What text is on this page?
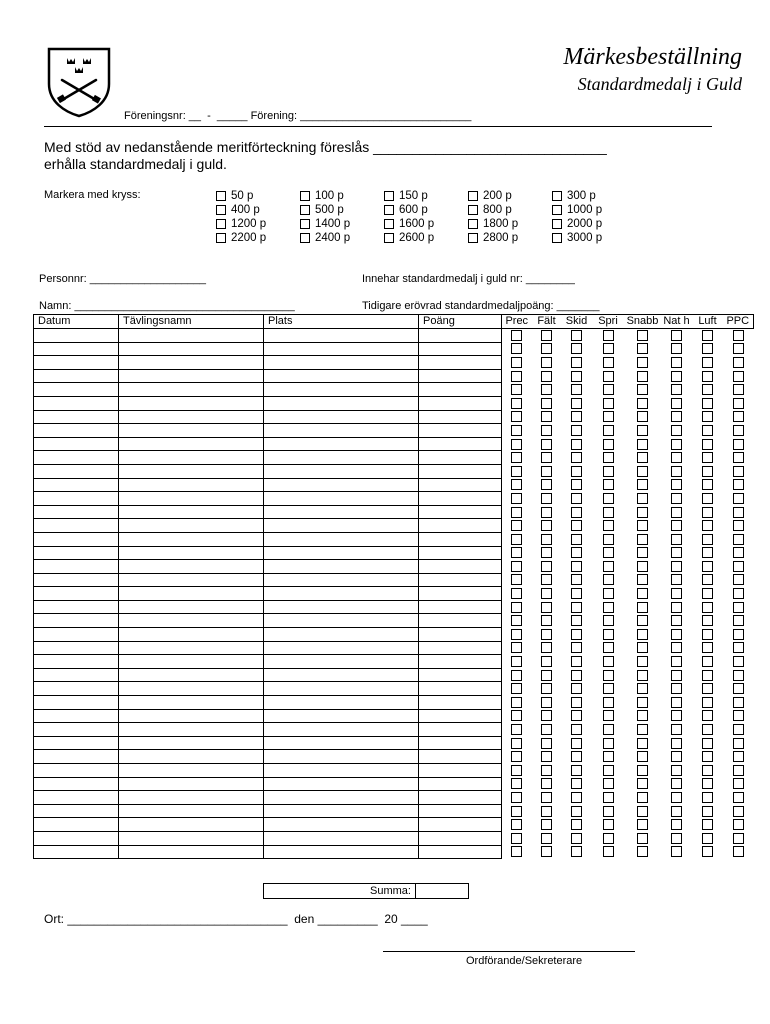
Märkesbeställning
Standardmedalj i Guld
Föreningsnr: __  -  _____ Förening: ____________________________
Med stöd av nedanstående meritförteckning föreslås ______________________________
erhålla standardmedalj i guld.
Markera med kryss:	50 p	100 p	150 p	200 p	300 p
400 p	500 p	600 p	800 p	1000 p
1200 p	1400 p	1600 p	1800 p	2000 p
2200 p	2400 p	2600 p	2800 p	3000 p
Personnr: ___________________	Innehar standardmedalj i guld nr: ________
Namn: ____________________________________	Tidigare erövrad standardmedaljpoäng: _______
Datum	Tävlingsnamn	Plats	Poäng	Prec	Fält	Skid	Spri	Snabb	Nat h	Luft	PPC

Summa:
Ort: _________________________________  den _________  20 ____
Ordförande/Sekreterare
